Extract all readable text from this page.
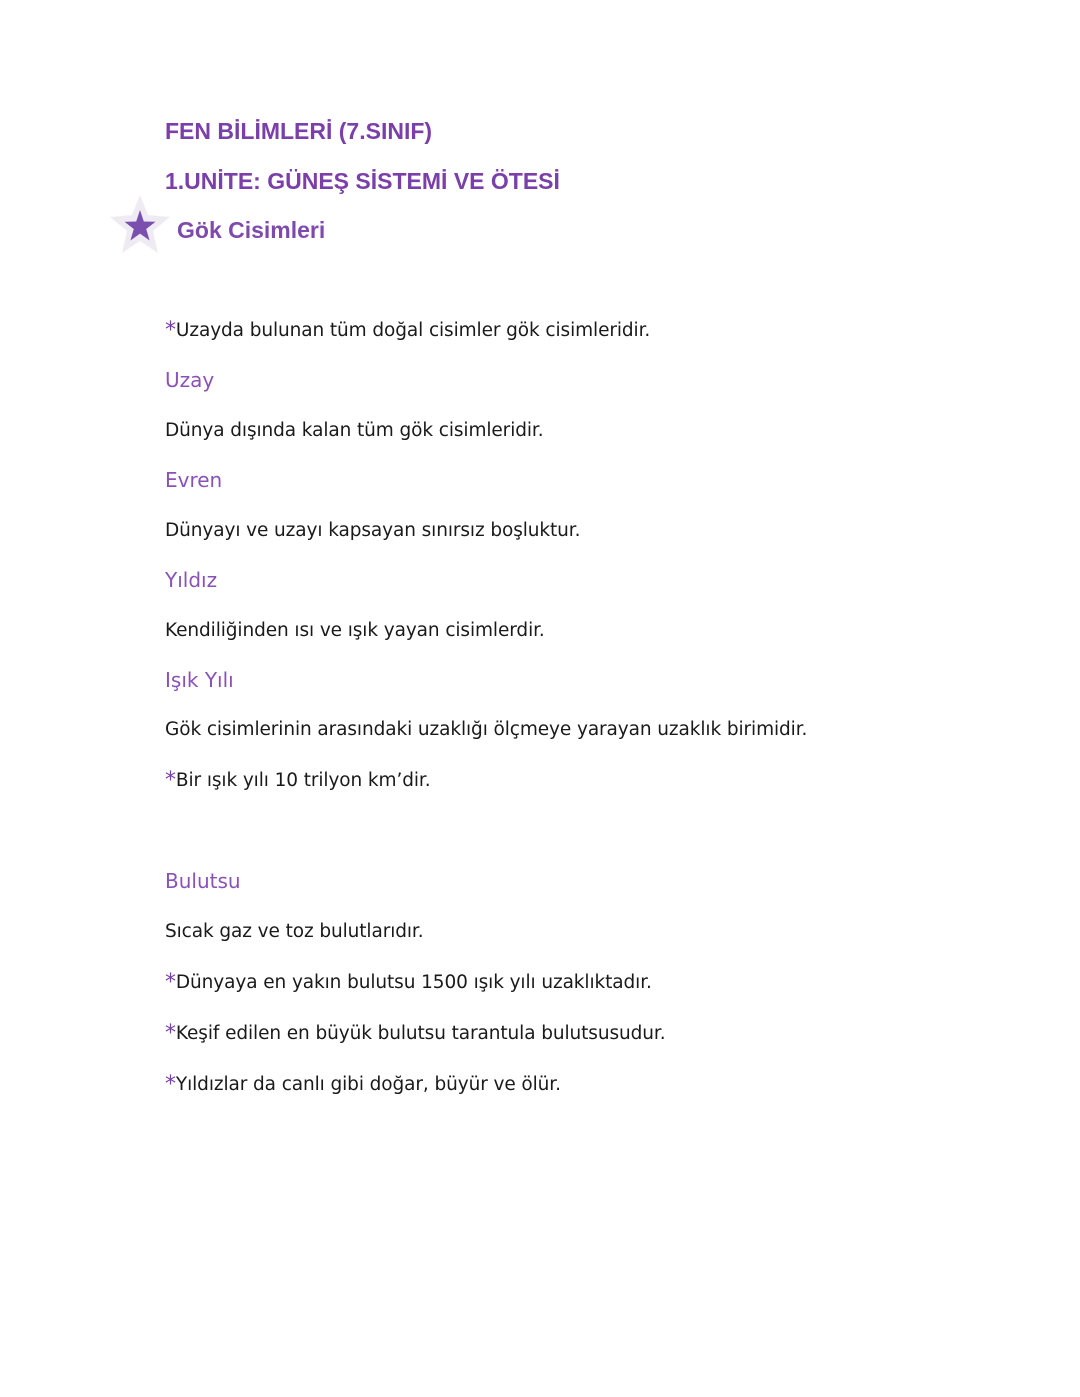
FEN BİLİMLERİ (7.SINIF)
1.UNİTE: GÜNEŞ SİSTEMİ VE ÖTESİ
Gök Cisimleri

*Uzayda bulunan tüm doğal cisimler gök cisimleridir.

Uzay

Dünya dışında kalan tüm gök cisimleridir.

Evren

Dünyayı ve uzayı kapsayan sınırsız boşluktur.

Yıldız

Kendiliğinden ısı ve ışık yayan cisimlerdir.

Işık Yılı

Gök cisimlerinin arasındaki uzaklığı ölçmeye yarayan uzaklık birimidir.

*Bir ışık yılı 10 trilyon km’dir.

Bulutsu

Sıcak gaz ve toz bulutlarıdır.

*Dünyaya en yakın bulutsu 1500 ışık yılı uzaklıktadır.

*Keşif edilen en büyük bulutsu tarantula bulutsusudur.

*Yıldızlar da canlı gibi doğar, büyür ve ölür.
